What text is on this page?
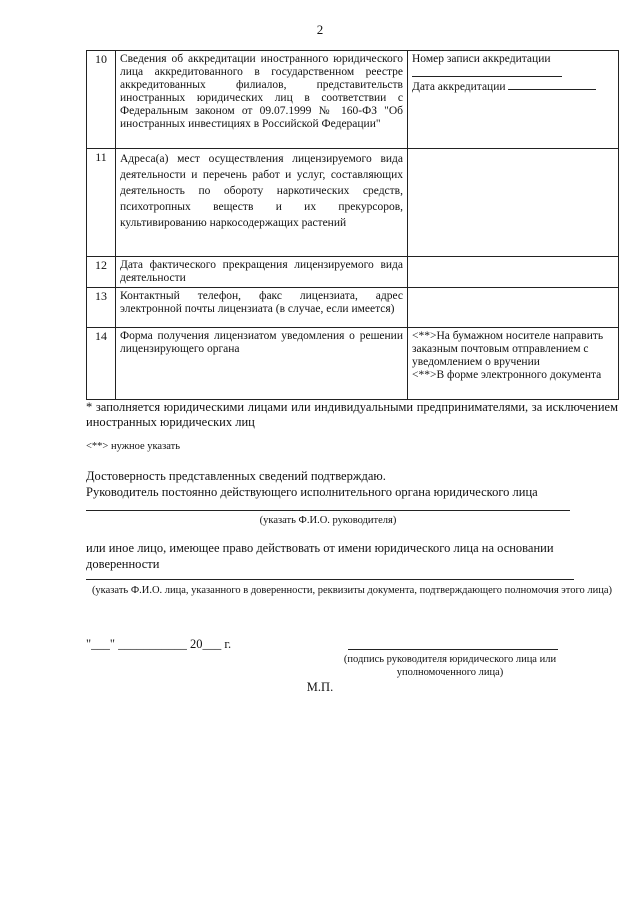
2
10	Сведения об аккредитации иностранного юридического лица аккредитованного в государственном реестре аккредитованных филиалов, представительств иностранных юридических лиц в соответствии с Федеральным законом от 09.07.1999 № 160-ФЗ "Об иностранных инвестициях в Российской Федерации"	Номер записи аккредитации
Дата аккредитации

11	Адреса(а) мест осуществления лицензируемого вида деятельности и перечень работ и услуг, составляющих деятельность по обороту наркотических средств, психотропных веществ и их прекурсоров, культивированию наркосодержащих растений	
12	Дата фактического прекращения лицензируемого вида деятельности	
13	Контактный телефон, факс лицензиата, адрес электронной почты лицензиата (в случае, если имеется)	
14	Форма получения лицензиатом уведомления о решении лицензирующего органа	<**>На бумажном носителе направить заказным почтовым отправлением с уведомлением о вручении
<**>В форме электронного документа
* заполняется юридическими лицами или индивидуальными предпринимателями, за исключением иностранных юридических лиц
<**> нужное указать
Достоверность представленных сведений подтверждаю.
Руководитель постоянно действующего исполнительного органа юридического лица
(указать Ф.И.О. руководителя)
или иное лицо, имеющее право действовать от имени юридического лица на основании доверенности
(указать Ф.И.О. лица, указанного в доверенности, реквизиты документа, подтверждающего полномочия этого лица)
"___" ___________ 20___ г.
(подпись руководителя юридического лица или уполномоченного лица)
М.П.
